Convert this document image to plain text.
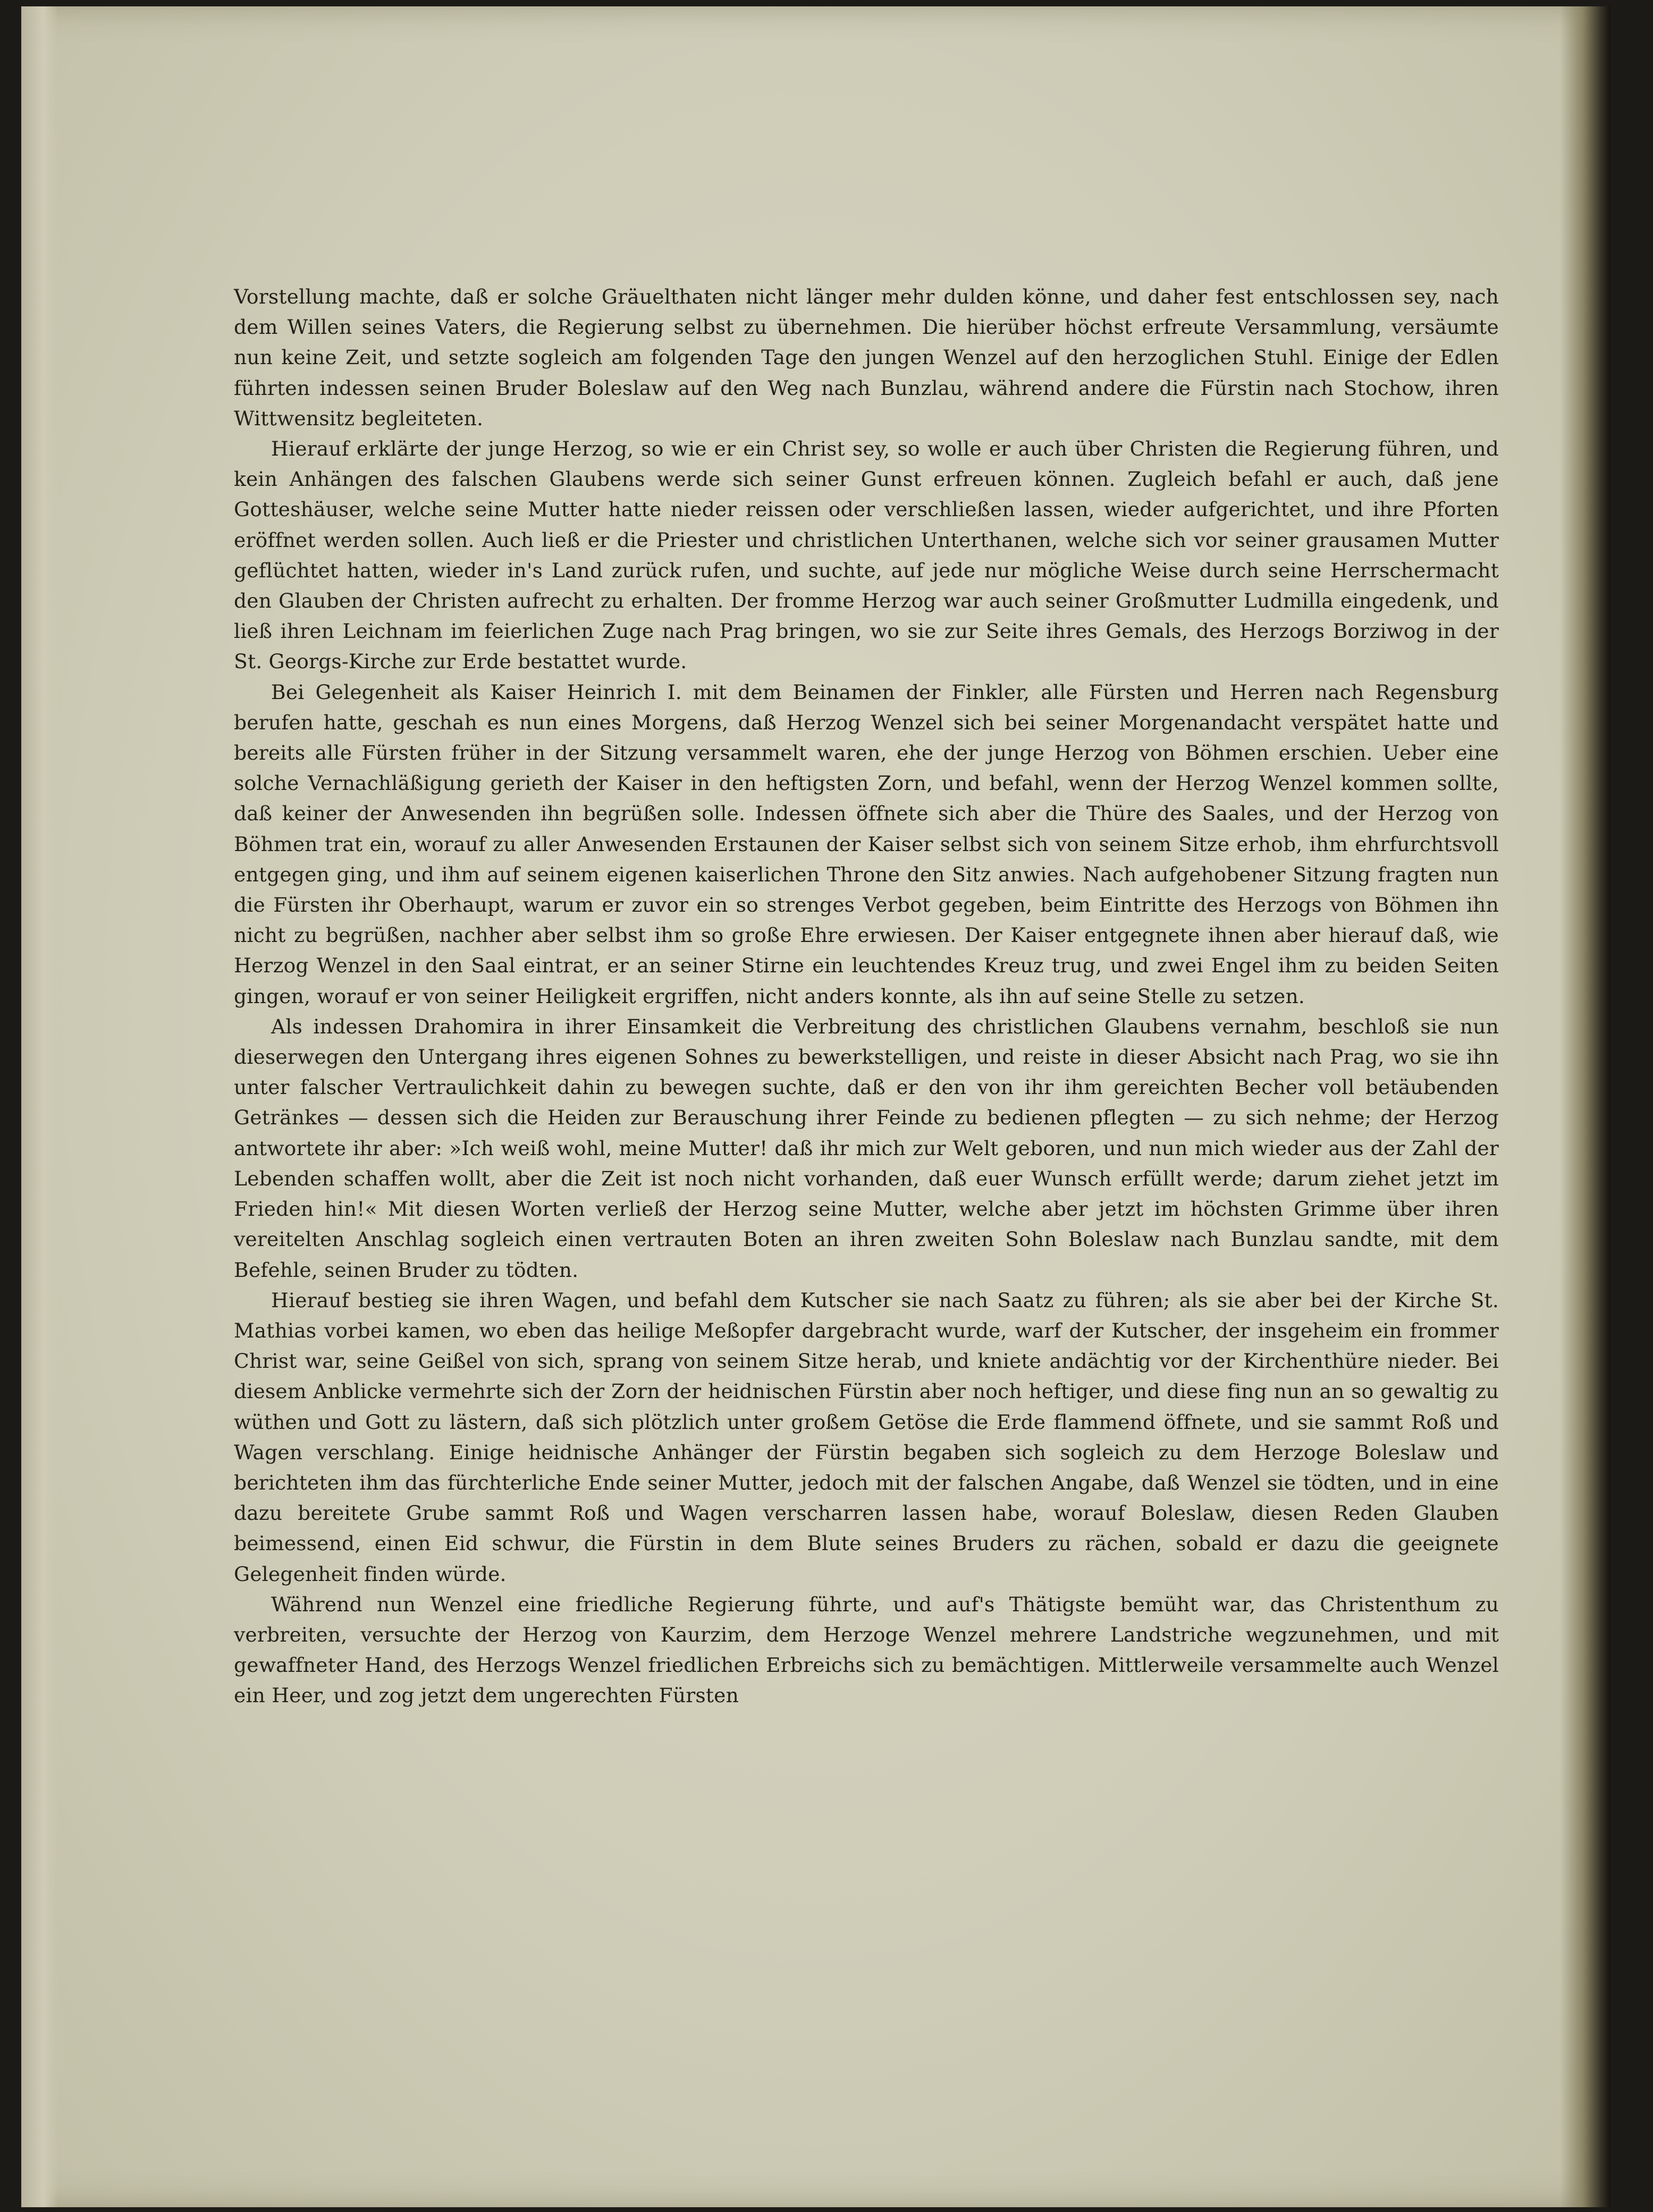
Vorstellung machte, daß er solche Gräuelthaten nicht länger mehr dulden könne, und daher fest entschlossen sey, nach dem Willen seines Vaters, die Regierung selbst zu übernehmen. Die hierüber höchst erfreute Versammlung, versäumte nun keine Zeit, und setzte sogleich am folgenden Tage den jungen Wenzel auf den herzoglichen Stuhl. Einige der Edlen führten indessen seinen Bruder Boleslaw auf den Weg nach Bunzlau, während andere die Fürstin nach Stochow, ihren Wittwensitz begleiteten.

Hierauf erklärte der junge Herzog, so wie er ein Christ sey, so wolle er auch über Christen die Regierung führen, und kein Anhängen des falschen Glaubens werde sich seiner Gunst erfreuen können. Zugleich befahl er auch, daß jene Gotteshäuser, welche seine Mutter hatte nieder reissen oder verschließen lassen, wieder aufgerichtet, und ihre Pforten eröffnet werden sollen. Auch ließ er die Priester und christlichen Unterthanen, welche sich vor seiner grausamen Mutter geflüchtet hatten, wieder in's Land zurück rufen, und suchte, auf jede nur mögliche Weise durch seine Herrschermacht den Glauben der Christen aufrecht zu erhalten. Der fromme Herzog war auch seiner Großmutter Ludmilla eingedenk, und ließ ihren Leichnam im feierlichen Zuge nach Prag bringen, wo sie zur Seite ihres Gemals, des Herzogs Borziwog in der St. Georgs-Kirche zur Erde bestattet wurde.

Bei Gelegenheit als Kaiser Heinrich I. mit dem Beinamen der Finkler, alle Fürsten und Herren nach Regensburg berufen hatte, geschah es nun eines Morgens, daß Herzog Wenzel sich bei seiner Morgenandacht verspätet hatte und bereits alle Fürsten früher in der Sitzung versammelt waren, ehe der junge Herzog von Böhmen erschien. Ueber eine solche Vernachläßigung gerieth der Kaiser in den heftigsten Zorn, und befahl, wenn der Herzog Wenzel kommen sollte, daß keiner der Anwesenden ihn begrüßen solle. Indessen öffnete sich aber die Thüre des Saales, und der Herzog von Böhmen trat ein, worauf zu aller Anwesenden Erstaunen der Kaiser selbst sich von seinem Sitze erhob, ihm ehrfurchtsvoll entgegen ging, und ihm auf seinem eigenen kaiserlichen Throne den Sitz anwies. Nach aufgehobener Sitzung fragten nun die Fürsten ihr Oberhaupt, warum er zuvor ein so strenges Verbot gegeben, beim Eintritte des Herzogs von Böhmen ihn nicht zu begrüßen, nachher aber selbst ihm so große Ehre erwiesen. Der Kaiser entgegnete ihnen aber hierauf daß, wie Herzog Wenzel in den Saal eintrat, er an seiner Stirne ein leuchtendes Kreuz trug, und zwei Engel ihm zu beiden Seiten gingen, worauf er von seiner Heiligkeit ergriffen, nicht anders konnte, als ihn auf seine Stelle zu setzen.

Als indessen Drahomira in ihrer Einsamkeit die Verbreitung des christlichen Glaubens vernahm, beschloß sie nun dieserwegen den Untergang ihres eigenen Sohnes zu bewerkstelligen, und reiste in dieser Absicht nach Prag, wo sie ihn unter falscher Vertraulichkeit dahin zu bewegen suchte, daß er den von ihr ihm gereichten Becher voll betäubenden Getränkes — dessen sich die Heiden zur Berauschung ihrer Feinde zu bedienen pflegten — zu sich nehme; der Herzog antwortete ihr aber: »Ich weiß wohl, meine Mutter! daß ihr mich zur Welt geboren, und nun mich wieder aus der Zahl der Lebenden schaffen wollt, aber die Zeit ist noch nicht vorhanden, daß euer Wunsch erfüllt werde; darum ziehet jetzt im Frieden hin!« Mit diesen Worten verließ der Herzog seine Mutter, welche aber jetzt im höchsten Grimme über ihren vereitelten Anschlag sogleich einen vertrauten Boten an ihren zweiten Sohn Boleslaw nach Bunzlau sandte, mit dem Befehle, seinen Bruder zu tödten.

Hierauf bestieg sie ihren Wagen, und befahl dem Kutscher sie nach Saatz zu führen; als sie aber bei der Kirche St. Mathias vorbei kamen, wo eben das heilige Meßopfer dargebracht wurde, warf der Kutscher, der insgeheim ein frommer Christ war, seine Geißel von sich, sprang von seinem Sitze herab, und kniete andächtig vor der Kirchenthüre nieder. Bei diesem Anblicke vermehrte sich der Zorn der heidnischen Fürstin aber noch heftiger, und diese fing nun an so gewaltig zu wüthen und Gott zu lästern, daß sich plötzlich unter großem Getöse die Erde flammend öffnete, und sie sammt Roß und Wagen verschlang. Einige heidnische Anhänger der Fürstin begaben sich sogleich zu dem Herzoge Boleslaw und berichteten ihm das fürchterliche Ende seiner Mutter, jedoch mit der falschen Angabe, daß Wenzel sie tödten, und in eine dazu bereitete Grube sammt Roß und Wagen verscharren lassen habe, worauf Boleslaw, diesen Reden Glauben beimessend, einen Eid schwur, die Fürstin in dem Blute seines Bruders zu rächen, sobald er dazu die geeignete Gelegenheit finden würde.

Während nun Wenzel eine friedliche Regierung führte, und auf's Thätigste bemüht war, das Christenthum zu verbreiten, versuchte der Herzog von Kaurzim, dem Herzoge Wenzel mehrere Landstriche wegzunehmen, und mit gewaffneter Hand, des Herzogs Wenzel friedlichen Erbreichs sich zu bemächtigen. Mittlerweile versammelte auch Wenzel ein Heer, und zog jetzt dem ungerechten Fürsten
